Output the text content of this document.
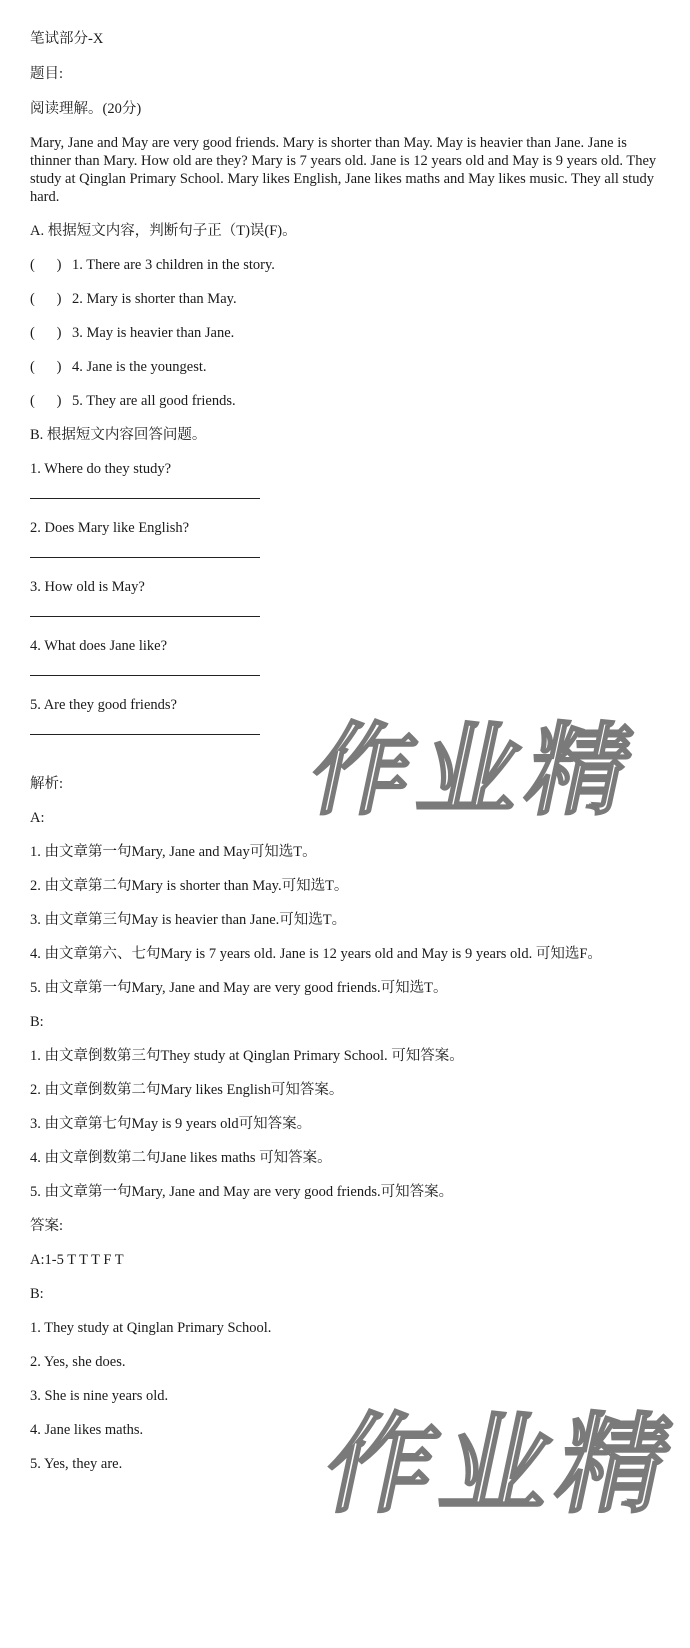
笔试部分-X

题目:

阅读理解。(20分)

Mary, Jane and May are very good friends. Mary is shorter than May. May is heavier than Jane. Jane is thinner than Mary. How old are they? Mary is 7 years old. Jane is 12 years old and May is 9 years old. They study at Qinglan Primary School. Mary likes English, Jane likes maths and May likes music. They all study hard.

A. 根据短文内容，判断句子正（T)误(F)。

( ) 1. There are 3 children in the story.

( ) 2. Mary is shorter than May.

( ) 3. May is heavier than Jane.

( ) 4. Jane is the youngest.

( ) 5. They are all good friends.

B. 根据短文内容回答问题。

1. Where do they study?

2. Does Mary like English?

3. How old is May?

4. What does Jane like?

5. Are they good friends?

解析:

A:

1. 由文章第一句Mary, Jane and May可知选T。

2. 由文章第二句Mary is shorter than May.可知选T。

3. 由文章第三句May is heavier than Jane.可知选T。

4. 由文章第六、七句Mary is 7 years old. Jane is 12 years old and May is 9 years old. 可知选F。

5. 由文章第一句Mary, Jane and May are very good friends.可知选T。

B:

1. 由文章倒数第三句They study at Qinglan Primary School. 可知答案。

2. 由文章倒数第二句Mary likes English可知答案。

3. 由文章第七句May is 9 years old可知答案。

4. 由文章倒数第二句Jane likes maths 可知答案。

5. 由文章第一句Mary, Jane and May are very good friends.可知答案。

答案:

A:1-5 T T T F T

B:

1. They study at Qinglan Primary School.

2. Yes, she does.

3. She is nine years old.

4. Jane likes maths.

5. Yes, they are.

作业精
作业精
